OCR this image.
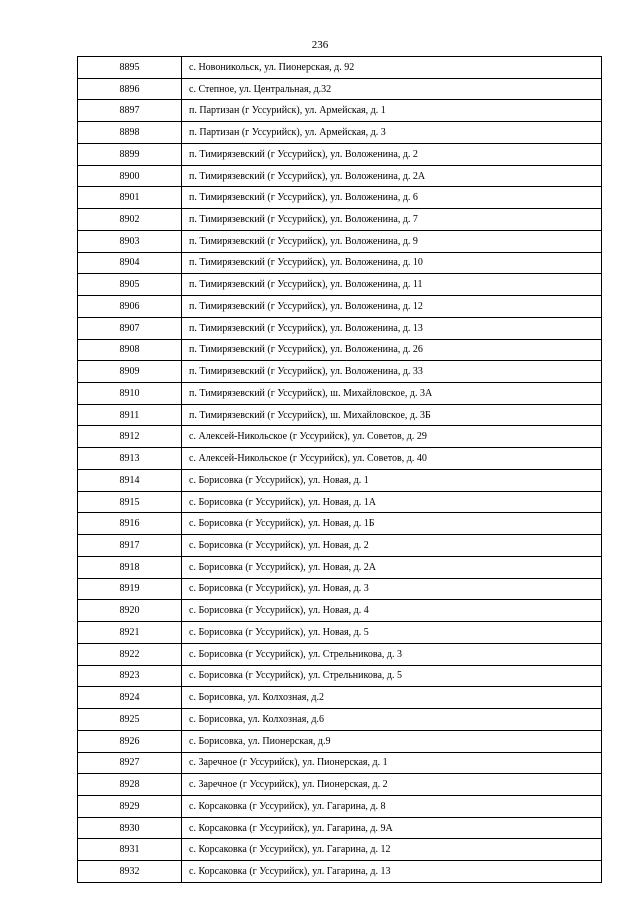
236
8895	с. Новоникольск, ул. Пионерская, д. 92
8896	с. Степное, ул. Центральная, д.32
8897	п. Партизан (г Уссурийск), ул. Армейская, д. 1
8898	п. Партизан (г Уссурийск), ул. Армейская, д. 3
8899	п. Тимирязевский (г Уссурийск), ул. Воложенина, д. 2
8900	п. Тимирязевский (г Уссурийск), ул. Воложенина, д. 2А
8901	п. Тимирязевский (г Уссурийск), ул. Воложенина, д. 6
8902	п. Тимирязевский (г Уссурийск), ул. Воложенина, д. 7
8903	п. Тимирязевский (г Уссурийск), ул. Воложенина, д. 9
8904	п. Тимирязевский (г Уссурийск), ул. Воложенина, д. 10
8905	п. Тимирязевский (г Уссурийск), ул. Воложенина, д. 11
8906	п. Тимирязевский (г Уссурийск), ул. Воложенина, д. 12
8907	п. Тимирязевский (г Уссурийск), ул. Воложенина, д. 13
8908	п. Тимирязевский (г Уссурийск), ул. Воложенина, д. 26
8909	п. Тимирязевский (г Уссурийск), ул. Воложенина, д. 33
8910	п. Тимирязевский (г Уссурийск), ш. Михайловское, д. 3А
8911	п. Тимирязевский (г Уссурийск), ш. Михайловское, д. 3Б
8912	с. Алексей-Никольское (г Уссурийск), ул. Советов, д. 29
8913	с. Алексей-Никольское (г Уссурийск), ул. Советов, д. 40
8914	с. Борисовка (г Уссурийск), ул. Новая, д. 1
8915	с. Борисовка (г Уссурийск), ул. Новая, д. 1А
8916	с. Борисовка (г Уссурийск), ул. Новая, д. 1Б
8917	с. Борисовка (г Уссурийск), ул. Новая, д. 2
8918	с. Борисовка (г Уссурийск), ул. Новая, д. 2А
8919	с. Борисовка (г Уссурийск), ул. Новая, д. 3
8920	с. Борисовка (г Уссурийск), ул. Новая, д. 4
8921	с. Борисовка (г Уссурийск), ул. Новая, д. 5
8922	с. Борисовка (г Уссурийск), ул. Стрельникова, д. 3
8923	с. Борисовка (г Уссурийск), ул. Стрельникова, д. 5
8924	с. Борисовка, ул. Колхозная, д.2
8925	с. Борисовка, ул. Колхозная, д.6
8926	с. Борисовка, ул. Пионерская, д.9
8927	с. Заречное (г Уссурийск), ул. Пионерская, д. 1
8928	с. Заречное (г Уссурийск), ул. Пионерская, д. 2
8929	с. Корсаковка (г Уссурийск), ул. Гагарина, д. 8
8930	с. Корсаковка (г Уссурийск), ул. Гагарина, д. 9А
8931	с. Корсаковка (г Уссурийск), ул. Гагарина, д. 12
8932	с. Корсаковка (г Уссурийск), ул. Гагарина, д. 13
